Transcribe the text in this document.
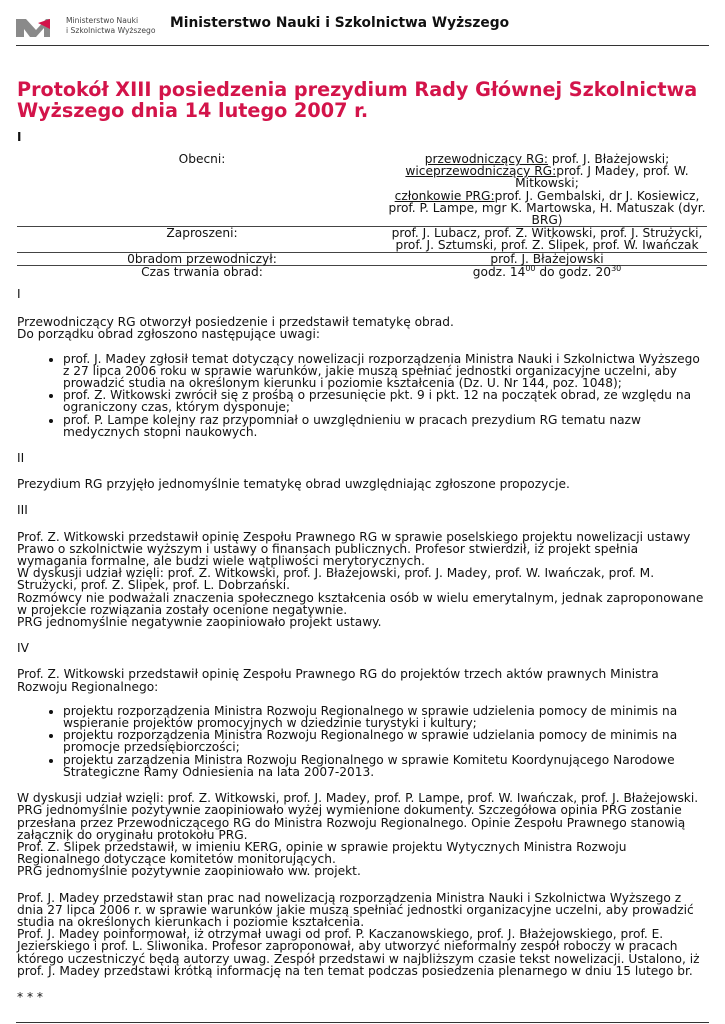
Ministerstwo Nauki
i Szkolnictwa Wyższego Ministerstwo Nauki i Szkolnictwa Wyższego
Protokół XIII posiedzenia prezydium Rady Głównej Szkolnictwa Wyższego dnia 14 lutego 2007 r.
I
Obecni:	przewodniczący RG: prof. J. Błażejowski;
wiceprzewodniczący RG:prof. J Madey, prof. W. Mitkowski;
członkowie PRG:prof. J. Gembalski, dr J. Kosiewicz, prof. P. Lampe, mgr K. Martowska, H. Matuszak (dyr. BRG)
Zaproszeni:	prof. J. Lubacz, prof. Z. Witkowski, prof. J. Strużycki, prof. J. Sztumski, prof. Z. Ślipek, prof. W. Iwańczak
0bradom przewodniczył:	prof. J. Błażejowski
Czas trwania obrad:	godz. $14^{00}$ do godz. $20^{30}$

I

Przewodniczący RG otworzył posiedzenie i przedstawił tematykę obrad.

Do porządku obrad zgłoszono następujące uwagi:

• prof. J. Madey zgłosił temat dotyczący nowelizacji rozporządzenia Ministra Nauki i Szkolnictwa Wyższego z 27 lipca 2006 roku w sprawie warunków, jakie muszą spełniać jednostki organizacyjne uczelni, aby prowadzić studia na określonym kierunku i poziomie kształcenia (Dz. U. Nr 144, poz. 1048);
• prof. Z. Witkowski zwrócił się z prośbą o przesunięcie pkt. 9 i pkt. 12 na początek obrad, ze względu na ograniczony czas, którym dysponuje;
• prof. P. Lampe kolejny raz przypomniał o uwzględnieniu w pracach prezydium RG tematu nazw medycznych stopni naukowych.

II

Prezydium RG przyjęło jednomyślnie tematykę obrad uwzględniając zgłoszone propozycje.

III

Prof. Z. Witkowski przedstawił opinię Zespołu Prawnego RG w sprawie poselskiego projektu nowelizacji ustawy Prawo o szkolnictwie wyższym i ustawy o finansach publicznych. Profesor stwierdził, iż projekt spełnia wymagania formalne, ale budzi wiele wątpliwości merytorycznych.

W dyskusji udział wzięli: prof. Z. Witkowski, prof. J. Błażejowski, prof. J. Madey, prof. W. Iwańczak, prof. M. Strużycki, prof. Z. Ślipek, prof. L. Dobrzański.

Rozmówcy nie podważali znaczenia społecznego kształcenia osób w wielu emerytalnym, jednak zaproponowane w projekcie rozwiązania zostały ocenione negatywnie.

PRG jednomyślnie negatywnie zaopiniowało projekt ustawy.

IV

Prof. Z. Witkowski przedstawił opinię Zespołu Prawnego RG do projektów trzech aktów prawnych Ministra Rozwoju Regionalnego:

• projektu rozporządzenia Ministra Rozwoju Regionalnego w sprawie udzielenia pomocy de minimis na wspieranie projektów promocyjnych w dziedzinie turystyki i kultury;
• projektu rozporządzenia Ministra Rozwoju Regionalnego w sprawie udzielania pomocy de minimis na promocje przedsiębiorczości;
• projektu zarządzenia Ministra Rozwoju Regionalnego w sprawie Komitetu Koordynującego Narodowe Strategiczne Ramy Odniesienia na lata 2007-2013.

W dyskusji udział wzięli: prof. Z. Witkowski, prof. J. Madey, prof. P. Lampe, prof. W. Iwańczak, prof. J. Błażejowski.

PRG jednomyślnie pozytywnie zaopiniowało wyżej wymienione dokumenty. Szczegółowa opinia PRG zostanie przesłana przez Przewodniczącego RG do Ministra Rozwoju Regionalnego. Opinie Zespołu Prawnego stanowią załącznik do oryginału protokołu PRG.

Prof. Z. Ślipek przedstawił, w imieniu KERG, opinie w sprawie projektu Wytycznych Ministra Rozwoju Regionalnego dotyczące komitetów monitorujących.

PRG jednomyślnie pozytywnie zaopiniowało ww. projekt.

Prof. J. Madey przedstawił stan prac nad nowelizacją rozporządzenia Ministra Nauki i Szkolnictwa Wyższego z dnia 27 lipca 2006 r. w sprawie warunków jakie muszą spełniać jednostki organizacyjne uczelni, aby prowadzić studia na określonych kierunkach i poziomie kształcenia.

Prof. J. Madey poinformował, iż otrzymał uwagi od prof. P. Kaczanowskiego, prof. J. Błażejowskiego, prof. E. Jezierskiego i prof. L. Śliwonika. Profesor zaproponował, aby utworzyć nieformalny zespół roboczy w pracach którego uczestniczyć będą autorzy uwag. Zespół przedstawi w najbliższym czasie tekst nowelizacji. Ustalono, iż prof. J. Madey przedstawi krótką informację na ten temat podczas posiedzenia plenarnego w dniu 15 lutego br.

* * *
